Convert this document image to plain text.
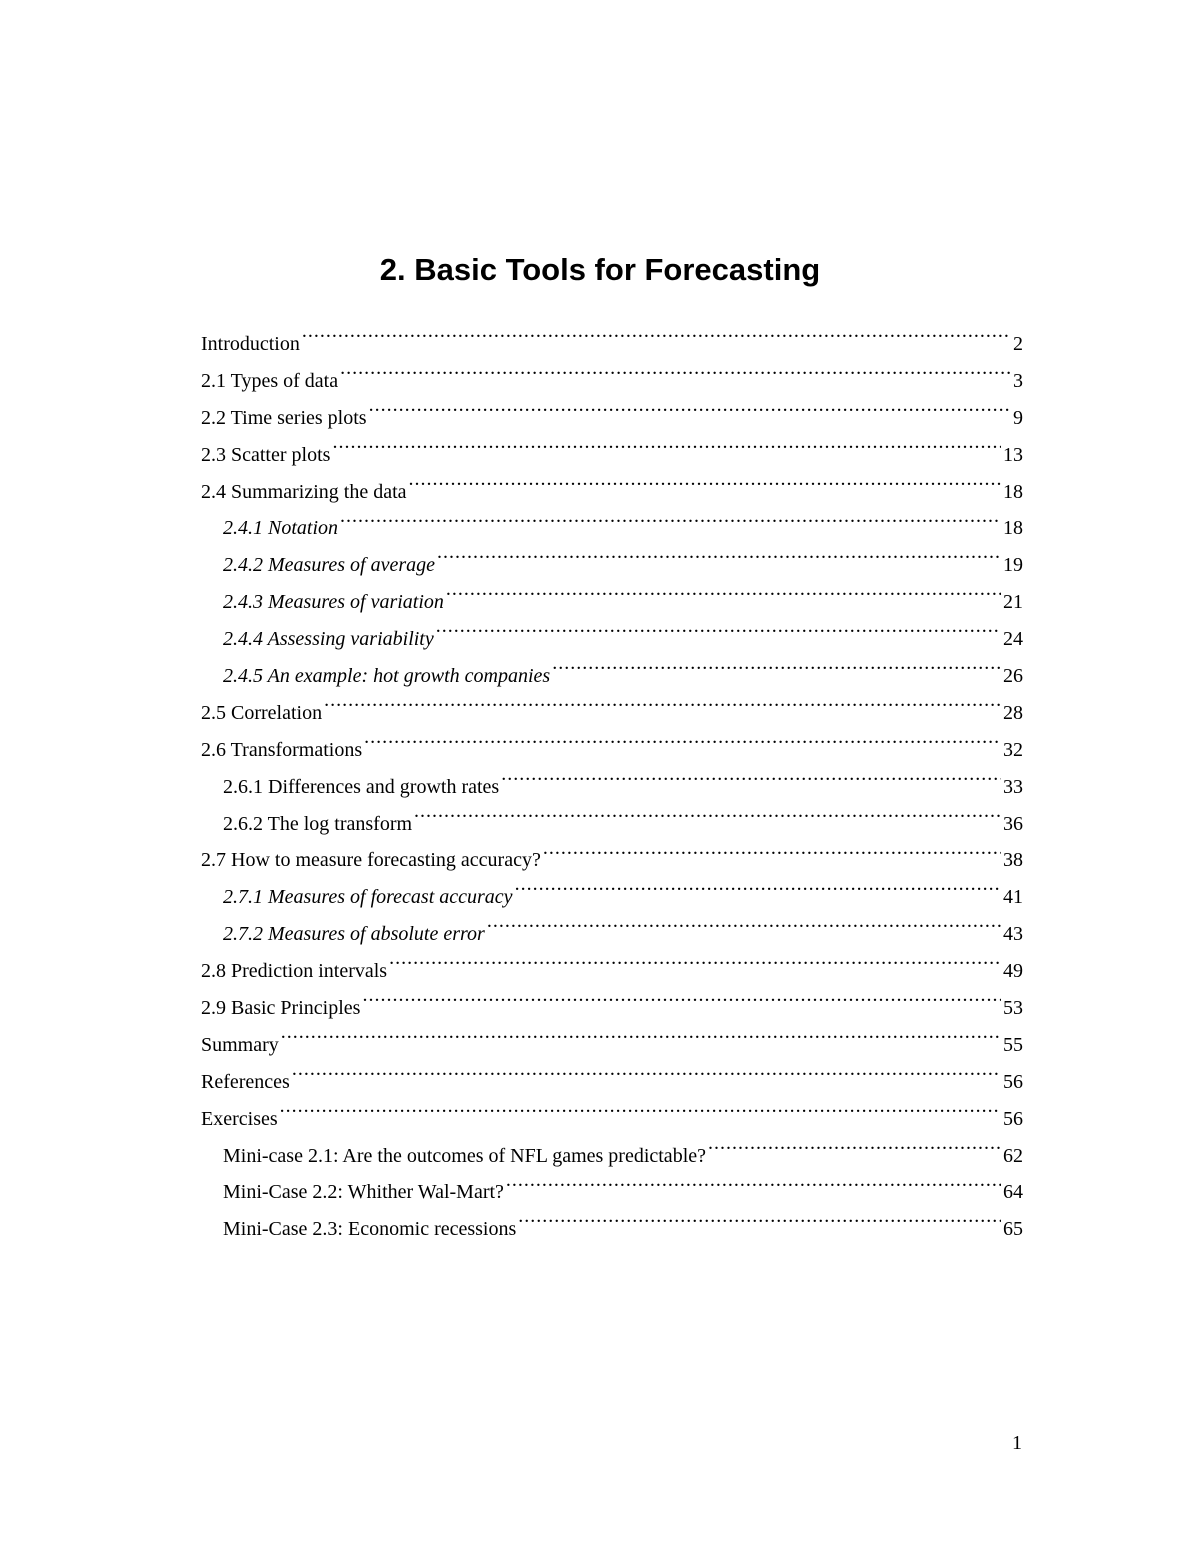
2. Basic Tools for Forecasting
Introduction .....	2
2.1 Types of data .....	3
2.2 Time series plots .....	9
2.3 Scatter plots .....	13
2.4 Summarizing the data .....	18
2.4.1 Notation .....	18
2.4.2 Measures of average .....	19
2.4.3 Measures of variation .....	21
2.4.4 Assessing variability .....	24
2.4.5 An example: hot growth companies .....	26
2.5 Correlation .....	28
2.6 Transformations .....	32
2.6.1 Differences and growth rates .....	33
2.6.2 The log transform .....	36
2.7 How to measure forecasting accuracy? .....	38
2.7.1 Measures of forecast accuracy .....	41
2.7.2 Measures of absolute error .....	43
2.8 Prediction intervals .....	49
2.9 Basic Principles .....	53
Summary .....	55
References .....	56
Exercises .....	56
Mini-case 2.1: Are the outcomes of NFL games predictable? .....	62
Mini-Case 2.2: Whither Wal-Mart? .....	64
Mini-Case 2.3: Economic recessions .....	65
1
